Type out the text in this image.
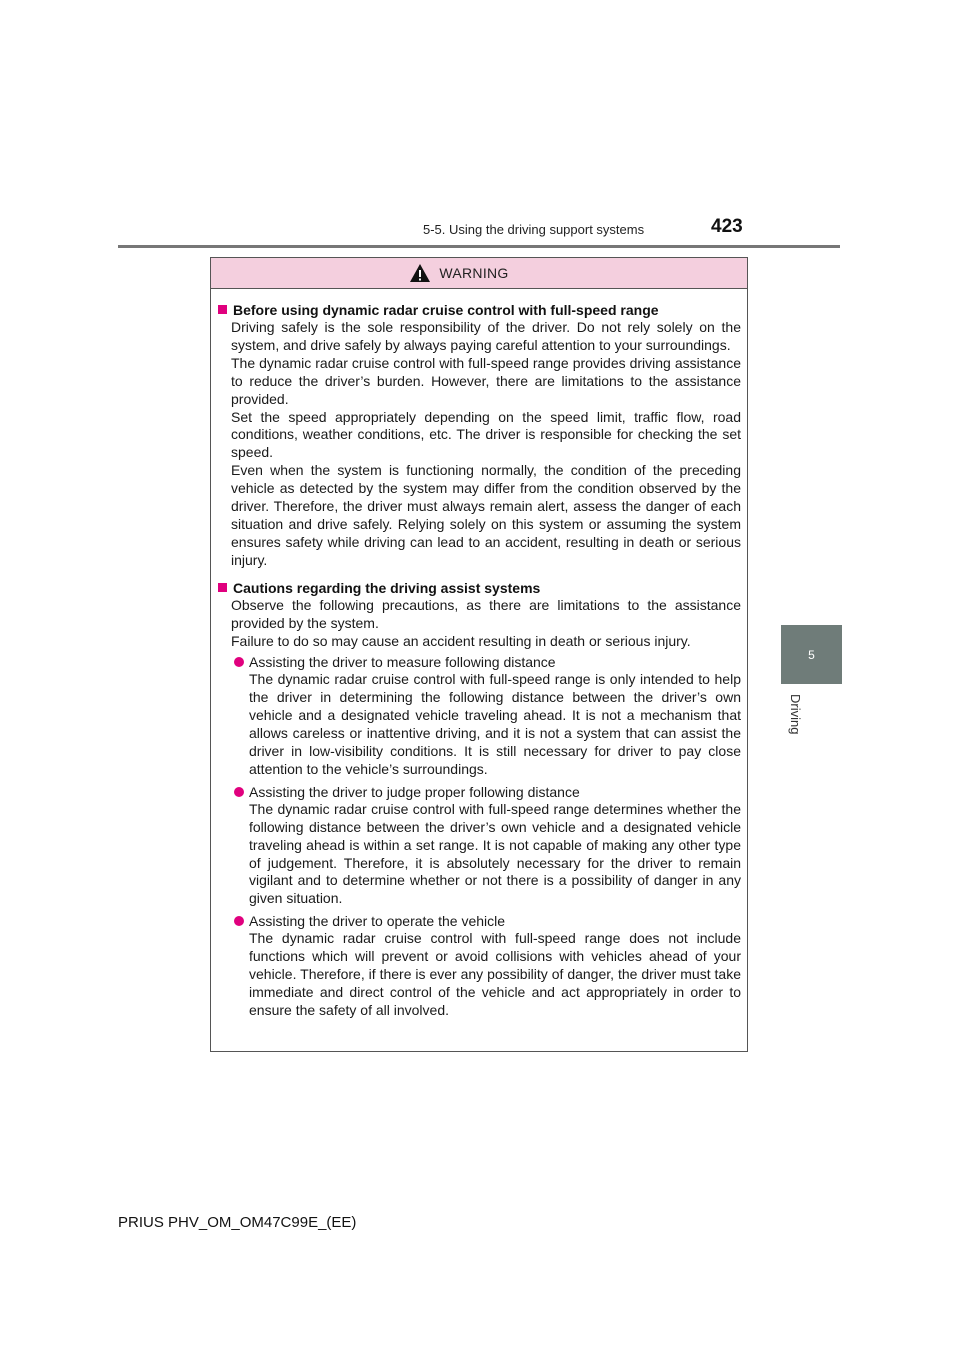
5-5. Using the driving support systems	423
5
Driving
WARNING
Before using dynamic radar cruise control with full-speed range

Driving safely is the sole responsibility of the driver. Do not rely solely on the system, and drive safely by always paying careful attention to your surroundings.

The dynamic radar cruise control with full-speed range provides driving assistance to reduce the driver’s burden. However, there are limitations to the assistance provided.

Set the speed appropriately depending on the speed limit, traffic flow, road conditions, weather conditions, etc. The driver is responsible for checking the set speed.

Even when the system is functioning normally, the condition of the preceding vehicle as detected by the system may differ from the condition observed by the driver. Therefore, the driver must always remain alert, assess the danger of each situation and drive safely. Relying solely on this system or assuming the system ensures safety while driving can lead to an accident, resulting in death or serious injury.

Cautions regarding the driving assist systems

Observe the following precautions, as there are limitations to the assistance provided by the system.

Failure to do so may cause an accident resulting in death or serious injury.

Assisting the driver to measure following distance

The dynamic radar cruise control with full-speed range is only intended to help the driver in determining the following distance between the driver’s own vehicle and a designated vehicle traveling ahead. It is not a mechanism that allows careless or inattentive driving, and it is not a system that can assist the driver in low-visibility conditions. It is still necessary for driver to pay close attention to the vehicle’s surroundings.

Assisting the driver to judge proper following distance

The dynamic radar cruise control with full-speed range determines whether the following distance between the driver’s own vehicle and a designated vehicle traveling ahead is within a set range. It is not capable of making any other type of judgement. Therefore, it is absolutely necessary for the driver to remain vigilant and to determine whether or not there is a possibility of danger in any given situation.

Assisting the driver to operate the vehicle

The dynamic radar cruise control with full-speed range does not include functions which will prevent or avoid collisions with vehicles ahead of your vehicle. Therefore, if there is ever any possibility of danger, the driver must take immediate and direct control of the vehicle and act appropriately in order to ensure the safety of all involved.

PRIUS PHV_OM_OM47C99E_(EE)
